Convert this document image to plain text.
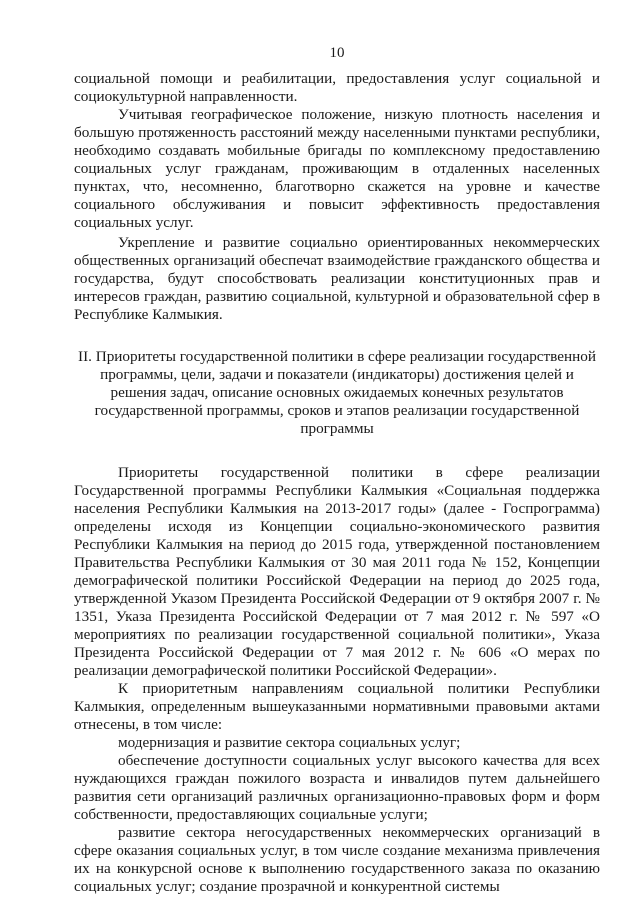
10

социальной помощи и реабилитации, предоставления услуг социальной и социокультурной направленности.

Учитывая географическое положение, низкую плотность населения и большую протяженность расстояний между населенными пунктами республики, необходимо создавать мобильные бригады по комплексному предоставлению социальных услуг гражданам, проживающим в отдаленных населенных пунктах, что, несомненно, благотворно скажется на уровне и качестве социального обслуживания и повысит эффективность предоставления социальных услуг.

Укрепление и развитие социально ориентированных некоммерческих общественных организаций обеспечат взаимодействие гражданского общества и государства, будут способствовать реализации конституционных прав и интересов граждан, развитию социальной, культурной и образовательной сфер в Республике Калмыкия.

II. Приоритеты государственной политики в сфере реализации государственной программы, цели, задачи и показатели (индикаторы) достижения целей и решения задач, описание основных ожидаемых конечных результатов государственной программы, сроков и этапов реализации государственной программы

Приоритеты государственной политики в сфере реализации Государственной программы Республики Калмыкия «Социальная поддержка населения Республики Калмыкия на 2013-2017 годы» (далее - Госпрограмма) определены исходя из Концепции социально-экономического развития Республики Калмыкия на период до 2015 года, утвержденной постановлением Правительства Республики Калмыкия от 30 мая 2011 года № 152, Концепции демографической политики Российской Федерации на период до 2025 года, утвержденной Указом Президента Российской Федерации от 9 октября 2007 г. № 1351, Указа Президента Российской Федерации от 7 мая 2012 г. № 597 «О мероприятиях по реализации государственной социальной политики», Указа Президента Российской Федерации от 7 мая 2012 г. № 606 «О мерах по реализации демографической политики Российской Федерации».

К приоритетным направлениям социальной политики Республики Калмыкия, определенным вышеуказанными нормативными правовыми актами отнесены, в том числе:

модернизация и развитие сектора социальных услуг;

обеспечение доступности социальных услуг высокого качества для всех нуждающихся граждан пожилого возраста и инвалидов путем дальнейшего развития сети организаций различных организационно-правовых форм и форм собственности, предоставляющих социальные услуги;

развитие сектора негосударственных некоммерческих организаций в сфере оказания социальных услуг, в том числе создание механизма привлечения их на конкурсной основе к выполнению государственного заказа по оказанию социальных услуг; создание прозрачной и конкурентной системы
